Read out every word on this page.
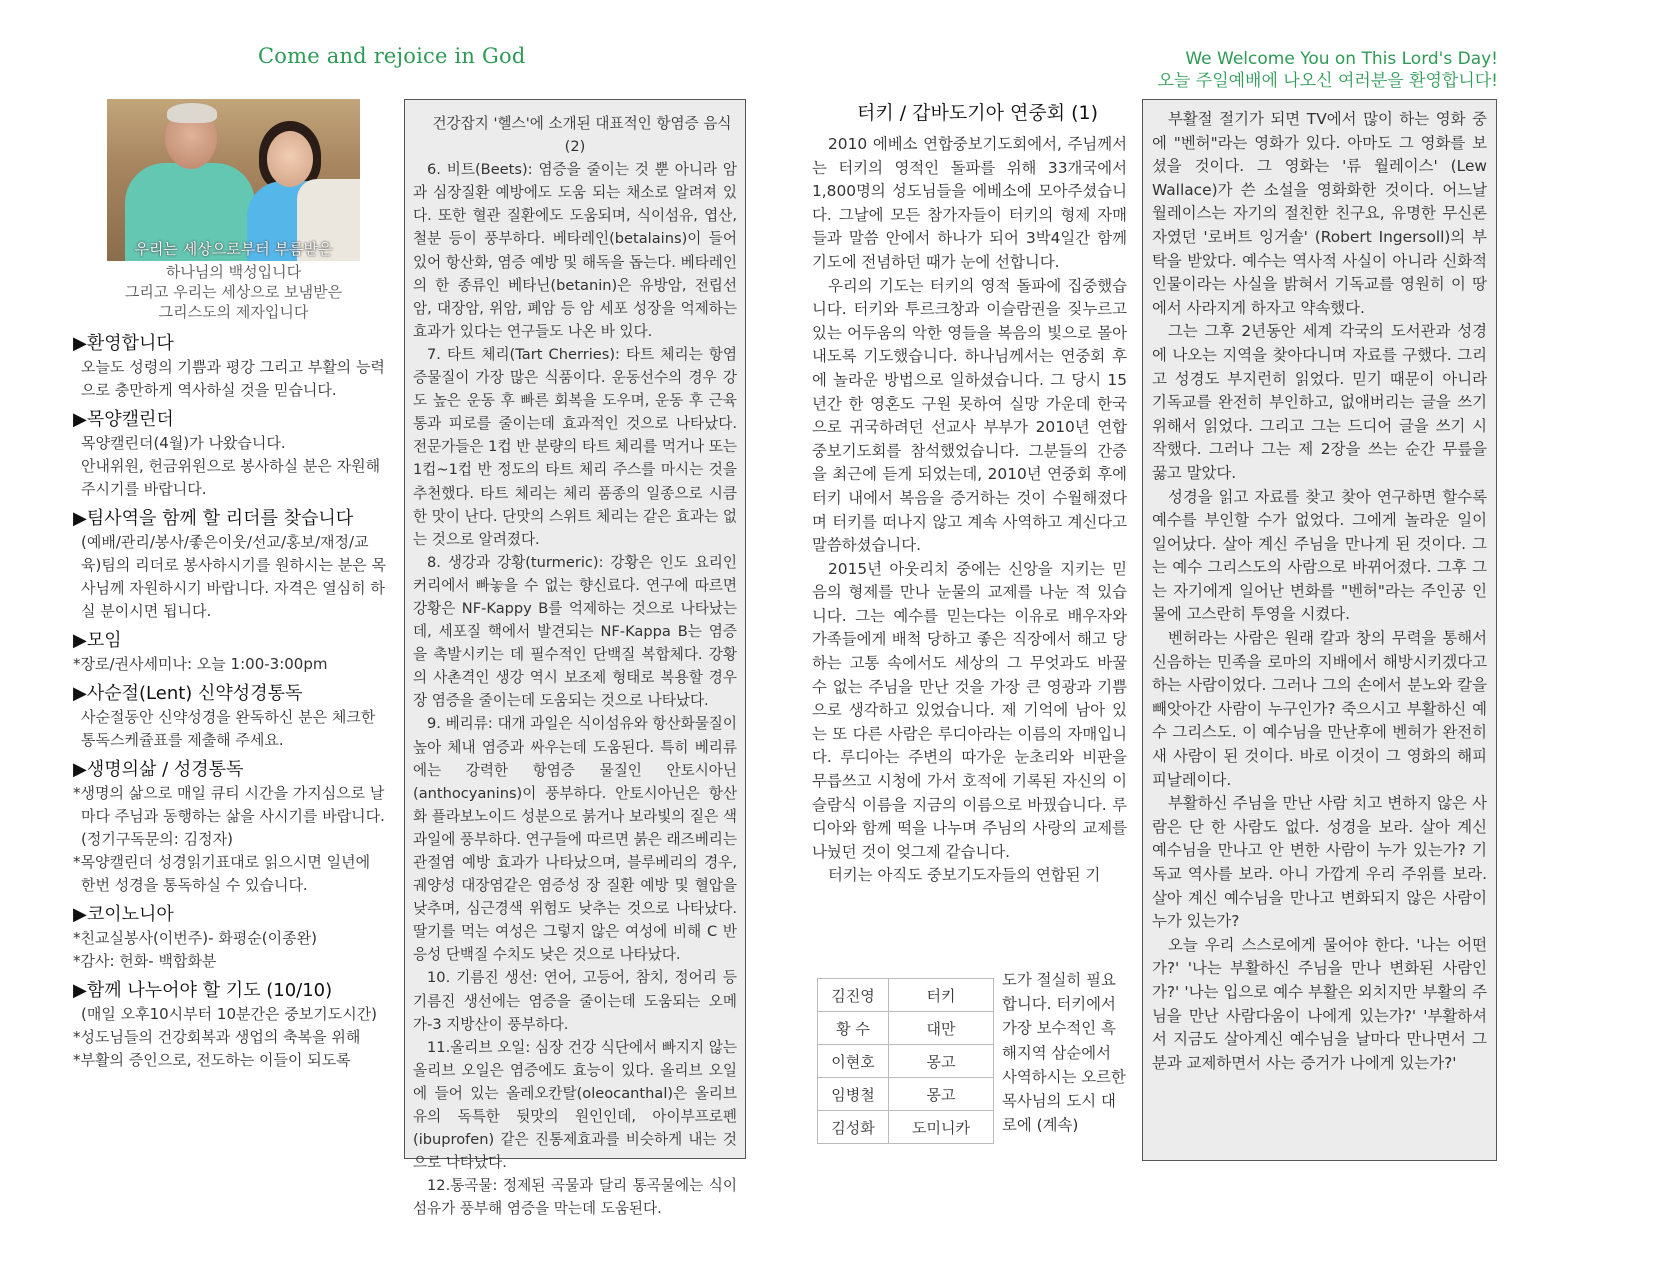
Come and rejoice in God	We Welcome You on This Lord's Day!
오늘 주일예배에 나오신 여러분을 환영합니다!
우리는 세상으로부터 부름받은
하나님의 백성입니다
그리고 우리는 세상으로 보냄받은
그리스도의 제자입니다
▶환영합니다

오늘도 성령의 기쁨과 평강 그리고 부활의 능력으로 충만하게 역사하실 것을 믿습니다.

▶목양캘린더

목양캘린더(4월)가 나왔습니다.

안내위원, 헌금위원으로 봉사하실 분은 자원해 주시기를 바랍니다.

▶팀사역을 함께 할 리더를 찾습니다

(예배/관리/봉사/좋은이웃/선교/홍보/재정/교육)팀의 리더로 봉사하시기를 원하시는 분은 목사님께 자원하시기 바랍니다. 자격은 열심히 하실 분이시면 됩니다.

▶모임

*장로/권사세미나: 오늘 1:00-3:00pm

▶사순절(Lent) 신약성경통독

사순절동안 신약성경을 완독하신 분은 체크한 통독스케쥴표를 제출해 주세요.

▶생명의삶 / 성경통독

*생명의 삶으로 매일 큐티 시간을 가지심으로 날마다 주님과 동행하는 삶을 사시기를 바랍니다.(정기구독문의: 김정자)

*목양캘린더 성경읽기표대로 읽으시면 일년에 한번 성경을 통독하실 수 있습니다.

▶코이노니아

*친교실봉사(이번주)- 화평순(이종완)

*감사: 헌화- 백합화분

▶함께 나누어야 할 기도 (10/10)

(매일 오후10시부터 10분간은 중보기도시간)

*성도님들의 건강회복과 생업의 축복을 위해

*부활의 증인으로, 전도하는 이들이 되도록

건강잡지 '헬스'에 소개된 대표적인 항염증 음식 (2)

6. 비트(Beets): 염증을 줄이는 것 뿐 아니라 암과 심장질환 예방에도 도움 되는 채소로 알려져 있다. 또한 혈관 질환에도 도움되며, 식이섬유, 엽산, 철분 등이 풍부하다. 베타레인(betalains)이 들어있어 항산화, 염증 예방 및 해독을 돕는다. 베타레인의 한 종류인 베타닌(betanin)은 유방암, 전립선암, 대장암, 위암, 폐암 등 암 세포 성장을 억제하는 효과가 있다는 연구들도 나온 바 있다.

7. 타트 체리(Tart Cherries): 타트 체리는 항염증물질이 가장 많은 식품이다. 운동선수의 경우 강도 높은 운동 후 빠른 회복을 도우며, 운동 후 근육통과 피로를 줄이는데 효과적인 것으로 나타났다. 전문가들은 1컵 반 분량의 타트 체리를 먹거나 또는 1컵~1컵 반 정도의 타트 체리 주스를 마시는 것을 추천했다. 타트 체리는 체리 품종의 일종으로 시큼한 맛이 난다. 단맛의 스위트 체리는 같은 효과는 없는 것으로 알려졌다.

8. 생강과 강황(turmeric): 강황은 인도 요리인 커리에서 빠놓을 수 없는 향신료다. 연구에 따르면 강황은 NF-Kappy B를 억제하는 것으로 나타났는데, 세포질 핵에서 발견되는 NF-Kappa B는 염증을 촉발시키는 데 필수적인 단백질 복합체다. 강황의 사촌격인 생강 역시 보조제 형태로 복용할 경우 장 염증을 줄이는데 도움되는 것으로 나타났다.

9. 베리류: 대개 과일은 식이섬유와 항산화물질이 높아 체내 염증과 싸우는데 도움된다. 특히 베리류에는 강력한 항염증 물질인 안토시아닌(anthocyanins)이 풍부하다. 안토시아닌은 항산화 플라보노이드 성분으로 붉거나 보라빛의 짙은 색 과일에 풍부하다. 연구들에 따르면 붉은 래즈베리는 관절염 예방 효과가 나타났으며, 블루베리의 경우, 궤양성 대장염같은 염증성 장 질환 예방 및 혈압을 낮추며, 심근경색 위험도 낮추는 것으로 나타났다. 딸기를 먹는 여성은 그렇지 않은 여성에 비해 C 반응성 단백질 수치도 낮은 것으로 나타났다.

10. 기름진 생선: 연어, 고등어, 참치, 정어리 등 기름진 생선에는 염증을 줄이는데 도움되는 오메가-3 지방산이 풍부하다.

11.올리브 오일: 심장 건강 식단에서 빠지지 않는 올리브 오일은 염증에도 효능이 있다. 올리브 오일에 들어 있는 올레오칸탈(oleocanthal)은 올리브유의 독특한 뒷맛의 원인인데, 아이부프로펜(ibuprofen) 같은 진통제효과를 비슷하게 내는 것으로 나타났다.

12.통곡물: 정제된 곡물과 달리 통곡물에는 식이섬유가 풍부해 염증을 막는데 도움된다.

터키 / 갑바도기아 연중회 (1)

2010 에베소 연합중보기도회에서, 주님께서는 터키의 영적인 돌파를 위해 33개국에서 1,800명의 성도님들을 에베소에 모아주셨습니다. 그날에 모든 참가자들이 터키의 형제 자매들과 말씀 안에서 하나가 되어 3박4일간 함께 기도에 전념하던 때가 눈에 선합니다.

우리의 기도는 터키의 영적 돌파에 집중했습니다. 터키와 투르크창과 이슬람권을 짖누르고 있는 어두움의 악한 영들을 복음의 빛으로 몰아내도록 기도했습니다. 하나님께서는 연중회 후에 놀라운 방법으로 일하셨습니다. 그 당시 15년간 한 영혼도 구원 못하여 실망 가운데 한국으로 귀국하려던 선교사 부부가 2010년 연합중보기도회를 참석했었습니다. 그분들의 간증을 최근에 듣게 되었는데, 2010년 연중회 후에 터키 내에서 복음을 증거하는 것이 수월해졌다며 터키를 떠나지 않고 계속 사역하고 계신다고 말씀하셨습니다.

2015년 아웃리치 중에는 신앙을 지키는 믿음의 형제를 만나 눈물의 교제를 나눈 적 있습니다. 그는 예수를 믿는다는 이유로 배우자와 가족들에게 배척 당하고 좋은 직장에서 해고 당하는 고통 속에서도 세상의 그 무엇과도 바꿀 수 없는 주님을 만난 것을 가장 큰 영광과 기쁨으로 생각하고 있었습니다. 제 기억에 남아 있는 또 다른 사람은 루디아라는 이름의 자매입니다. 루디아는 주변의 따가운 눈초리와 비판을 무릅쓰고 시청에 가서 호적에 기록된 자신의 이슬람식 이름을 지금의 이름으로 바꿨습니다. 루디아와 함께 떡을 나누며 주님의 사랑의 교제를 나눴던 것이 엊그제 같습니다.

터키는 아직도 중보기도자들의 연합된 기

김진영	터키
황 수	대만
이현호	몽고
임병철	몽고
김성화	도미니카
도가 절실히 필요합니다. 터키에서 가장 보수적인 흑해지역 삼순에서 사역하시는 오르한 목사님의 도시 대로에 (계속)

부활절 절기가 되면 TV에서 많이 하는 영화 중에 "벤허"라는 영화가 있다. 아마도 그 영화를 보셨을 것이다. 그 영화는 '류 월레이스' (Lew Wallace)가 쓴 소설을 영화화한 것이다. 어느날 월레이스는 자기의 절친한 친구요, 유명한 무신론자였던 '로버트 잉거솔' (Robert Ingersoll)의 부탁을 받았다. 예수는 역사적 사실이 아니라 신화적 인물이라는 사실을 밝혀서 기독교를 영원히 이 땅에서 사라지게 하자고 약속했다.

그는 그후 2년동안 세계 각국의 도서관과 성경에 나오는 지역을 찾아다니며 자료를 구했다. 그리고 성경도 부지런히 읽었다. 믿기 때문이 아니라 기독교를 완전히 부인하고, 없애버리는 글을 쓰기 위해서 읽었다. 그리고 그는 드디어 글을 쓰기 시작했다. 그러나 그는 제 2장을 쓰는 순간 무릎을 꿇고 말았다.

성경을 읽고 자료를 찾고 찾아 연구하면 할수록 예수를 부인할 수가 없었다. 그에게 놀라운 일이 일어났다. 살아 계신 주님을 만나게 된 것이다. 그는 예수 그리스도의 사람으로 바뀌어졌다. 그후 그는 자기에게 일어난 변화를 "벤허"라는 주인공 인물에 고스란히 투영을 시켰다.

벤허라는 사람은 원래 칼과 창의 무력을 통해서 신음하는 민족을 로마의 지배에서 해방시키겠다고 하는 사람이었다. 그러나 그의 손에서 분노와 칼을 빼앗아간 사람이 누구인가? 죽으시고 부활하신 예수 그리스도. 이 예수님을 만난후에 벤허가 완전히 새 사람이 된 것이다. 바로 이것이 그 영화의 해피 피날레이다.

부활하신 주님을 만난 사람 치고 변하지 않은 사람은 단 한 사람도 없다. 성경을 보라. 살아 계신 예수님을 만나고 안 변한 사람이 누가 있는가? 기독교 역사를 보라. 아니 가깝게 우리 주위를 보라. 살아 계신 예수님을 만나고 변화되지 않은 사람이 누가 있는가?

오늘 우리 스스로에게 물어야 한다. '나는 어떤가?' '나는 부활하신 주님을 만나 변화된 사람인가?' '나는 입으로 예수 부활은 외치지만 부활의 주님을 만난 사람다움이 나에게 있는가?' '부활하셔서 지금도 살아계신 예수님을 날마다 만나면서 그분과 교제하면서 사는 증거가 나에게 있는가?'
